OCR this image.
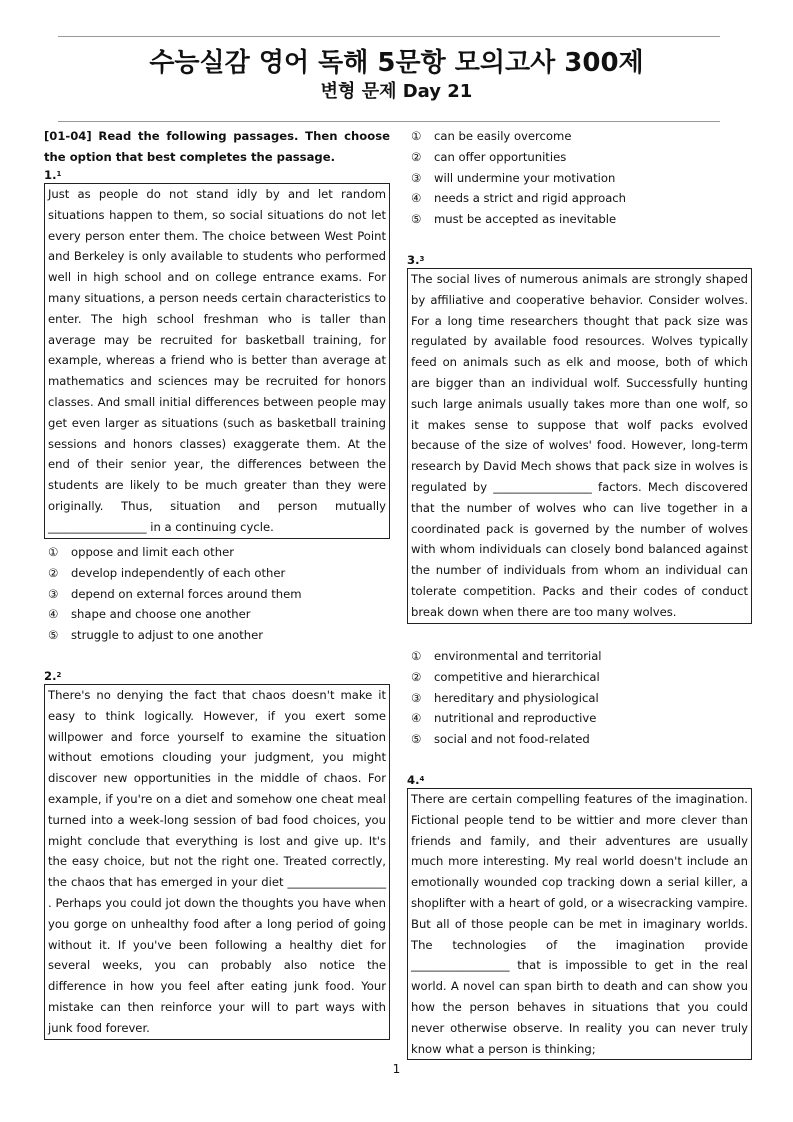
수능실감 영어 독해 5문항 모의고사 300제
변형 문제 Day 21
[01-04] Read the following passages. Then choose the option that best completes the passage.
1.$^1$
Just as people do not stand idly by and let random situations happen to them, so social situations do not let every person enter them. The choice between West Point and Berkeley is only available to students who performed well in high school and on college entrance exams. For many situations, a person needs certain characteristics to enter. The high school freshman who is taller than average may be recruited for basketball training, for example, whereas a friend who is better than average at mathematics and sciences may be recruited for honors classes. And small initial differences between people may get even larger as situations (such as basketball training sessions and honors classes) exaggerate them. At the end of their senior year, the differences between the students are likely to be much greater than they were originally. Thus, situation and person mutually _________________ in a continuing cycle.
① oppose and limit each other
② develop independently of each other
③ depend on external forces around them
④ shape and choose one another
⑤ struggle to adjust to one another
2.$^2$
There's no denying the fact that chaos doesn't make it easy to think logically. However, if you exert some willpower and force yourself to examine the situation without emotions clouding your judgment, you might discover new opportunities in the middle of chaos. For example, if you're on a diet and somehow one cheat meal turned into a week-long session of bad food choices, you might conclude that everything is lost and give up. It's the easy choice, but not the right one. Treated correctly, the chaos that has emerged in your diet _________________ . Perhaps you could jot down the thoughts you have when you gorge on unhealthy food after a long period of going without it. If you've been following a healthy diet for several weeks, you can probably also notice the difference in how you feel after eating junk food. Your mistake can then reinforce your will to part ways with junk food forever.
① can be easily overcome
② can offer opportunities
③ will undermine your motivation
④ needs a strict and rigid approach
⑤ must be accepted as inevitable
3.$^3$
The social lives of numerous animals are strongly shaped by affiliative and cooperative behavior. Consider wolves. For a long time researchers thought that pack size was regulated by available food resources. Wolves typically feed on animals such as elk and moose, both of which are bigger than an individual wolf. Successfully hunting such large animals usually takes more than one wolf, so it makes sense to suppose that wolf packs evolved because of the size of wolves' food. However, long-term research by David Mech shows that pack size in wolves is regulated by _________________ factors. Mech discovered that the number of wolves who can live together in a coordinated pack is governed by the number of wolves with whom individuals can closely bond balanced against the number of individuals from whom an individual can tolerate competition. Packs and their codes of conduct break down when there are too many wolves.
① environmental and territorial
② competitive and hierarchical
③ hereditary and physiological
④ nutritional and reproductive
⑤ social and not food-related
4.$^4$
There are certain compelling features of the imagination. Fictional people tend to be wittier and more clever than friends and family, and their adventures are usually much more interesting. My real world doesn't include an emotionally wounded cop tracking down a serial killer, a shoplifter with a heart of gold, or a wisecracking vampire. But all of those people can be met in imaginary worlds. The technologies of the imagination provide _________________ that is impossible to get in the real world. A novel can span birth to death and can show you how the person behaves in situations that you could never otherwise observe. In reality you can never truly know what a person is thinking;
1
